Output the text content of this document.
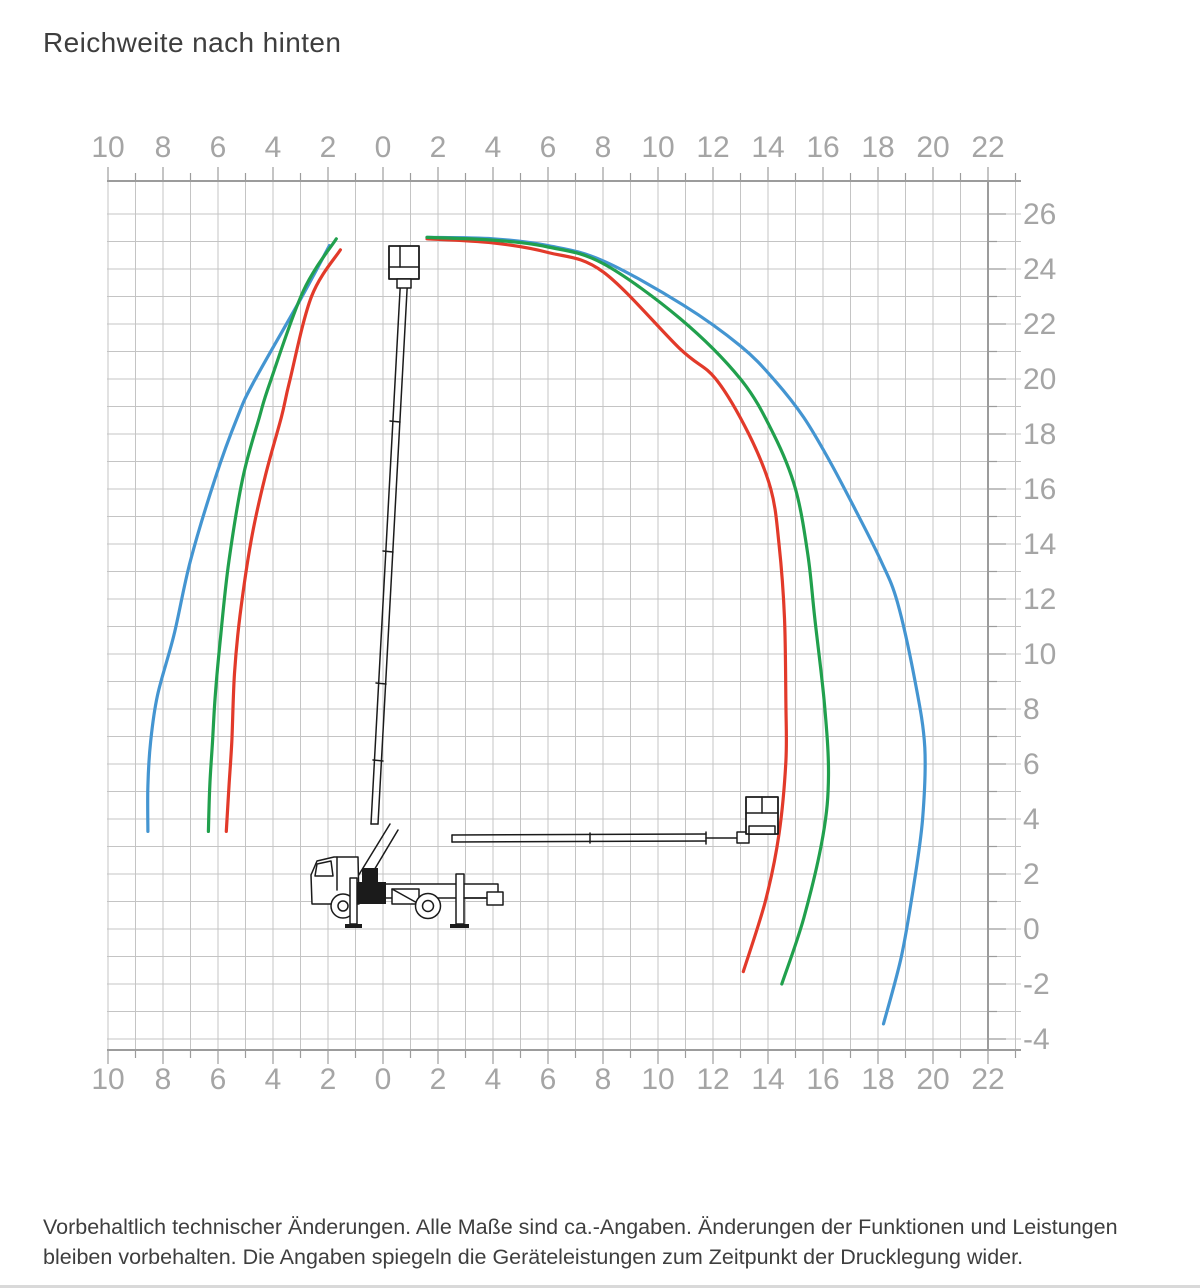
Reichweite nach hinten
10 8 6 4 2 0 2 4 6 8 10 12 14 16 18 20 22
10 8 6 4 2 0 2 4 6 8 10 12 14 16 18 20 22
26
24
22
20
18
16
14
12
10
8
6
4
2
0
-2
-4

Vorbehaltlich technischer Änderungen. Alle Maße sind ca.-Angaben. Änderungen der Funktionen und Leistungen

bleiben vorbehalten. Die Angaben spiegeln die Geräteleistungen zum Zeitpunkt der Drucklegung wider.
